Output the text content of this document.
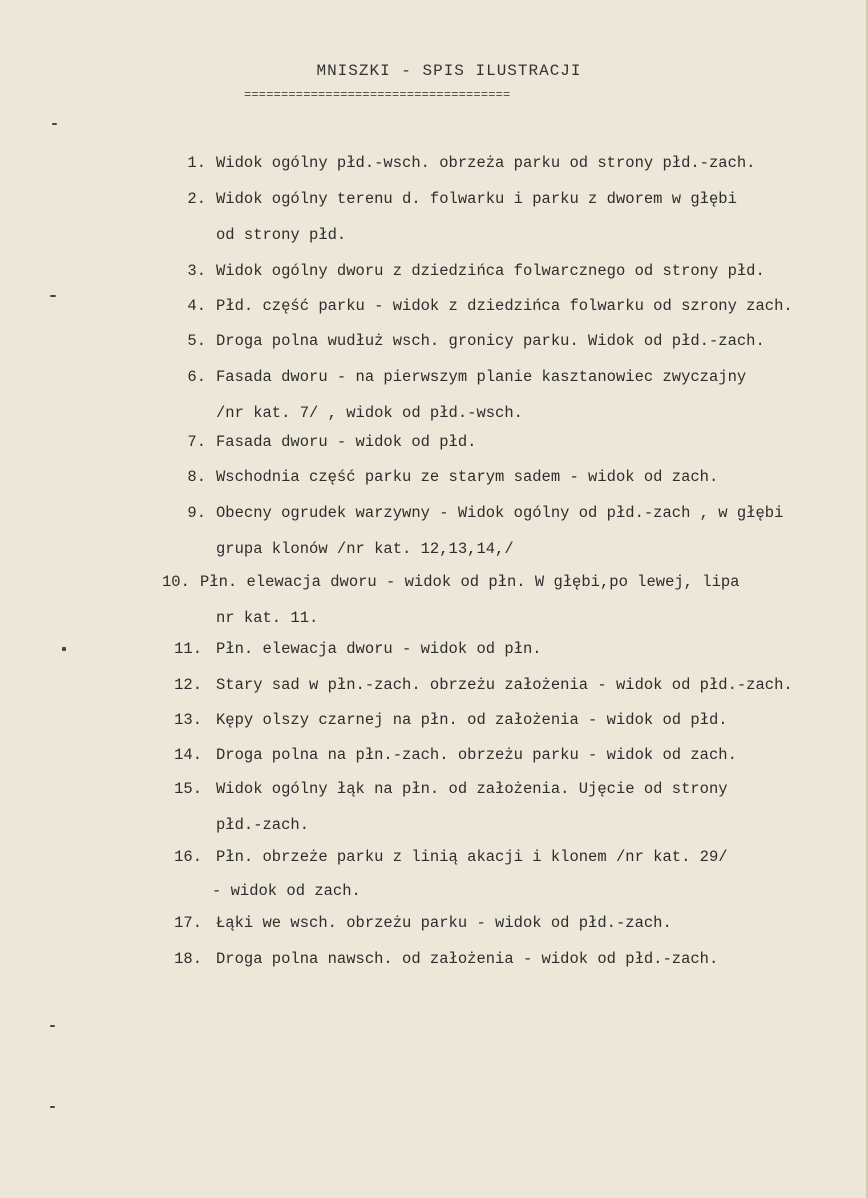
MNISZKI - SPIS ILUSTRACJI
====================================
1. Widok ogólny płd.-wsch. obrzeża parku od strony płd.-zach.
2. Widok ogólny terenu d. folwarku i parku z dworem w głębi
od strony płd.
3. Widok ogólny dworu z dziedzińca folwarcznego od strony płd.
4. Płd. część parku - widok z dziedzińca folwarku od szrony zach.
5. Droga polna wudłuż wsch. gronicy parku. Widok od płd.-zach.
6. Fasada dworu - na pierwszym planie kasztanowiec zwyczajny
/nr kat. 7/ , widok od płd.-wsch.
7. Fasada dworu - widok od płd.
8. Wschodnia część parku ze starym sadem - widok od zach.
9. Obecny ogrudek warzywny - Widok ogólny od płd.-zach , w głębi
grupa klonów /nr kat. 12,13,14,/
10. Płn. elewacja dworu - widok od płn. W głębi,po lewej, lipa
nr kat. 11.
11. Płn. elewacja dworu - widok od płn.
12. Stary sad w płn.-zach. obrzeżu założenia - widok od płd.-zach.
13. Kępy olszy czarnej na płn. od założenia - widok od płd.
14. Droga polna na płn.-zach. obrzeżu parku - widok od zach.
15. Widok ogólny łąk na płn. od założenia. Ujęcie od strony
płd.-zach.
16. Płn. obrzeże parku z linią akacji i klonem /nr kat. 29/
- widok od zach.
17. Łąki we wsch. obrzeżu parku - widok od płd.-zach.
18. Droga polna nawsch. od założenia - widok od płd.-zach.
